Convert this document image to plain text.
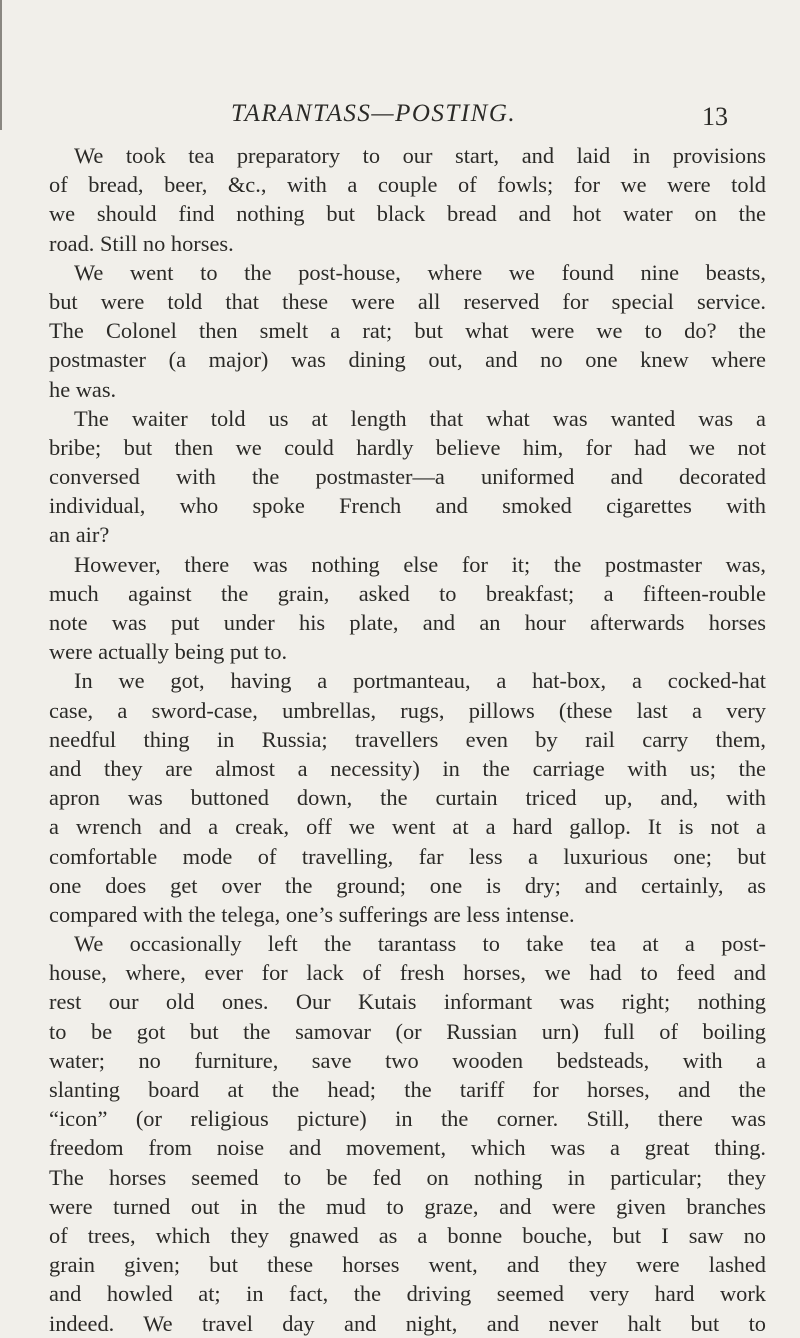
TARANTASS—POSTING.	13
We took tea preparatory to our start, and laid in provisions
of bread, beer, &c., with a couple of fowls; for we were told
we should find nothing but black bread and hot water on the
road. Still no horses.
We went to the post-house, where we found nine beasts,
but were told that these were all reserved for special service.
The Colonel then smelt a rat; but what were we to do? the
postmaster (a major) was dining out, and no one knew where
he was.
The waiter told us at length that what was wanted was a
bribe; but then we could hardly believe him, for had we not
conversed with the postmaster—a uniformed and decorated
individual, who spoke French and smoked cigarettes with
an air?
However, there was nothing else for it; the postmaster was,
much against the grain, asked to breakfast; a fifteen-rouble
note was put under his plate, and an hour afterwards horses
were actually being put to.
In we got, having a portmanteau, a hat-box, a cocked-hat
case, a sword-case, umbrellas, rugs, pillows (these last a very
needful thing in Russia; travellers even by rail carry them,
and they are almost a necessity) in the carriage with us; the
apron was buttoned down, the curtain triced up, and, with
a wrench and a creak, off we went at a hard gallop. It is not a
comfortable mode of travelling, far less a luxurious one; but
one does get over the ground; one is dry; and certainly, as
compared with the telega, one’s sufferings are less intense.
We occasionally left the tarantass to take tea at a post-
house, where, ever for lack of fresh horses, we had to feed and
rest our old ones. Our Kutais informant was right; nothing
to be got but the samovar (or Russian urn) full of boiling
water; no furniture, save two wooden bedsteads, with a
slanting board at the head; the tariff for horses, and the
“icon” (or religious picture) in the corner. Still, there was
freedom from noise and movement, which was a great thing.
The horses seemed to be fed on nothing in particular; they
were turned out in the mud to graze, and were given branches
of trees, which they gnawed as a bonne bouche, but I saw no
grain given; but these horses went, and they were lashed
and howled at; in fact, the driving seemed very hard work
indeed. We travel day and night, and never halt but to
